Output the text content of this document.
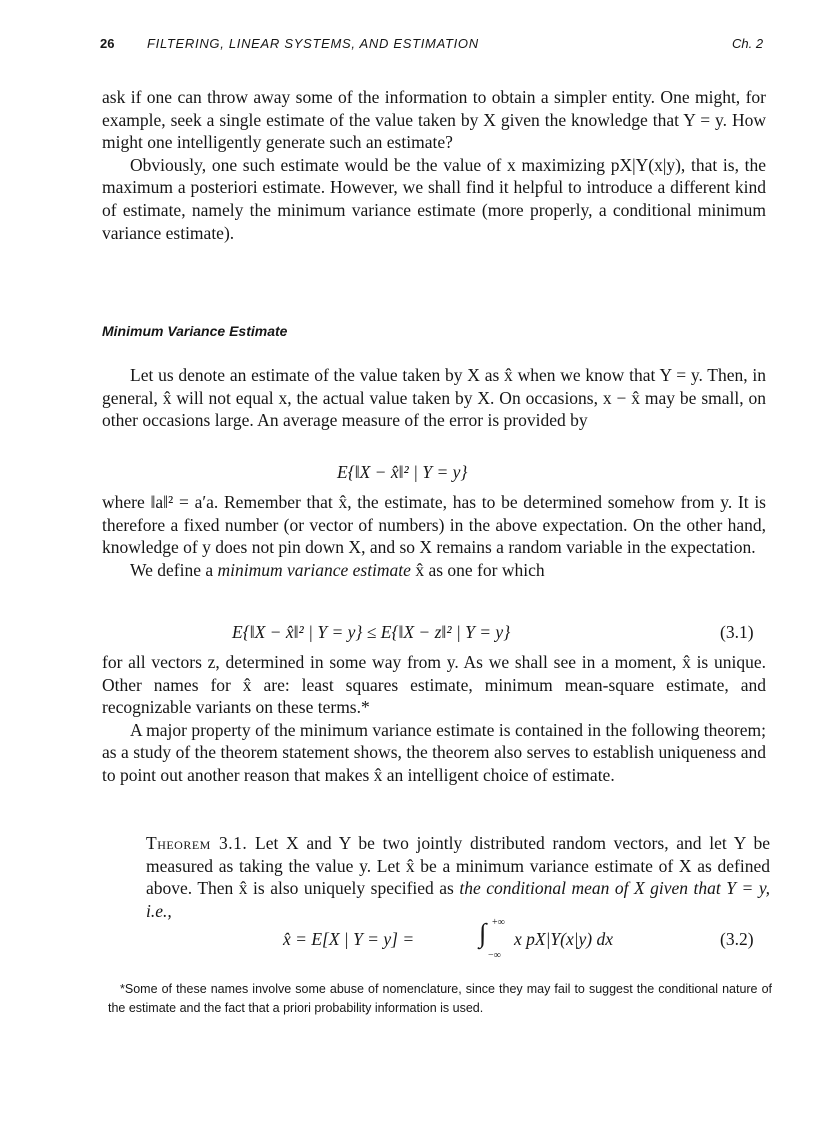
26	FILTERING, LINEAR SYSTEMS, AND ESTIMATION	Ch. 2

ask if one can throw away some of the information to obtain a simpler entity. One might, for example, seek a single estimate of the value taken by X given the knowledge that Y = y. How might one intelligently generate such an estimate?

Obviously, one such estimate would be the value of x maximizing pX|Y(x|y), that is, the maximum a posteriori estimate. However, we shall find it helpful to introduce a different kind of estimate, namely the minimum variance estimate (more properly, a conditional minimum variance estimate).

Minimum Variance Estimate

Let us denote an estimate of the value taken by X as x̂ when we know that Y = y. Then, in general, x̂ will not equal x, the actual value taken by X. On occasions, x − x̂ may be small, on other occasions large. An average measure of the error is provided by

E{‖X − x̂‖² | Y = y}

where ‖a‖² = a′a. Remember that x̂, the estimate, has to be determined somehow from y. It is therefore a fixed number (or vector of numbers) in the above expectation. On the other hand, knowledge of y does not pin down X, and so X remains a random variable in the expectation.

We define a minimum variance estimate x̂ as one for which

E{‖X − x̂‖² | Y = y} ≤ E{‖X − z‖² | Y = y}	(3.1)

for all vectors z, determined in some way from y. As we shall see in a moment, x̂ is unique. Other names for x̂ are: least squares estimate, minimum mean-square estimate, and recognizable variants on these terms.*

A major property of the minimum variance estimate is contained in the following theorem; as a study of the theorem statement shows, the theorem also serves to establish uniqueness and to point out another reason that makes x̂ an intelligent choice of estimate.

Theorem 3.1. Let X and Y be two jointly distributed random vectors, and let Y be measured as taking the value y. Let x̂ be a minimum variance estimate of X as defined above. Then x̂ is also uniquely specified as the conditional mean of X given that Y = y, i.e.,

x̂ = E[X | Y = y] = ∫ +∞
−∞
x pX|Y(x|y) dx	(3.2)

*Some of these names involve some abuse of nomenclature, since they may fail to suggest the conditional nature of the estimate and the fact that a priori probability information is used.
